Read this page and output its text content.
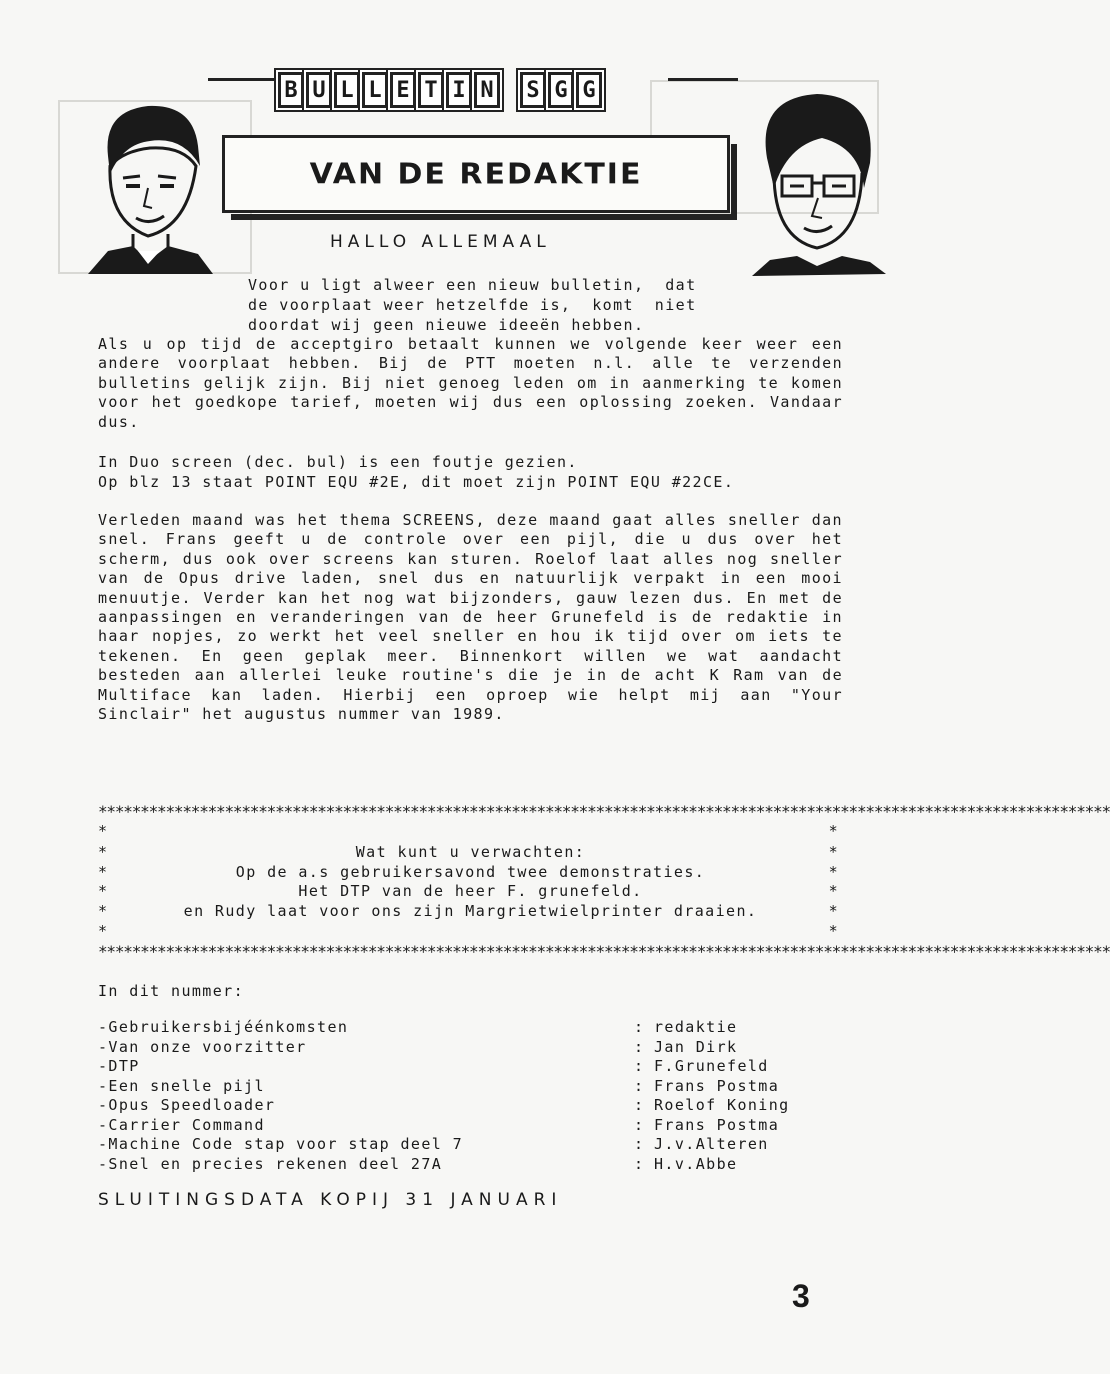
B U L L E T I N S G G
VAN DE REDAKTIE
HALLO ALLEMAAL
Voor u ligt alweer een nieuw bulletin,  dat
de voorplaat weer hetzelfde is,  komt  niet
doordat wij geen nieuwe ideeën hebben.

Als u op tijd de acceptgiro betaalt kunnen we volgende keer weer een andere voorplaat hebben. Bij de PTT moeten n.l. alle te verzenden bulletins gelijk zijn. Bij niet genoeg leden om in aanmerking te komen voor het goedkope tarief, moeten wij dus een oplossing zoeken. Vandaar dus.

In Duo screen (dec. bul) is een foutje gezien.
Op blz 13 staat POINT EQU #2E, dit moet zijn POINT EQU #22CE.

Verleden maand was het thema SCREENS, deze maand gaat alles sneller dan snel. Frans geeft u de controle over een pijl, die u dus over het scherm, dus ook over screens kan sturen. Roelof laat alles nog sneller van de Opus drive laden, snel dus en natuurlijk verpakt in een mooi menuutje. Verder kan het nog wat bijzonders, gauw lezen dus. En met de aanpassingen en veranderingen van de heer Grunefeld is de redaktie in haar nopjes, zo werkt het veel sneller en hou ik tijd over om iets te tekenen. En geen geplak meer. Binnenkort willen we wat aandacht besteden aan allerlei leuke routine's die je in de acht K Ram van de Multiface kan laden. Hierbij een oproep wie helpt mij aan "Your Sinclair" het augustus nummer van 1989.

************************************************************************************************************************
*	*
*	Wat kunt u verwachten:	*
*	Op de a.s gebruikersavond twee demonstraties.	*
*	Het DTP van de heer F. grunefeld.	*
*	en Rudy laat voor ons zijn Margrietwielprinter draaien.	*
*	*
************************************************************************************************************************
In dit nummer:
-Gebruikersbijéénkomsten	: redaktie
-Van onze voorzitter	: Jan Dirk
-DTP	: F.Grunefeld
-Een snelle pijl	: Frans Postma
-Opus Speedloader	: Roelof Koning
-Carrier Command	: Frans Postma
-Machine Code stap voor stap deel 7	: J.v.Alteren
-Snel en precies rekenen deel 27A	: H.v.Abbe
SLUITINGSDATA KOPIJ 31 JANUARI
3
